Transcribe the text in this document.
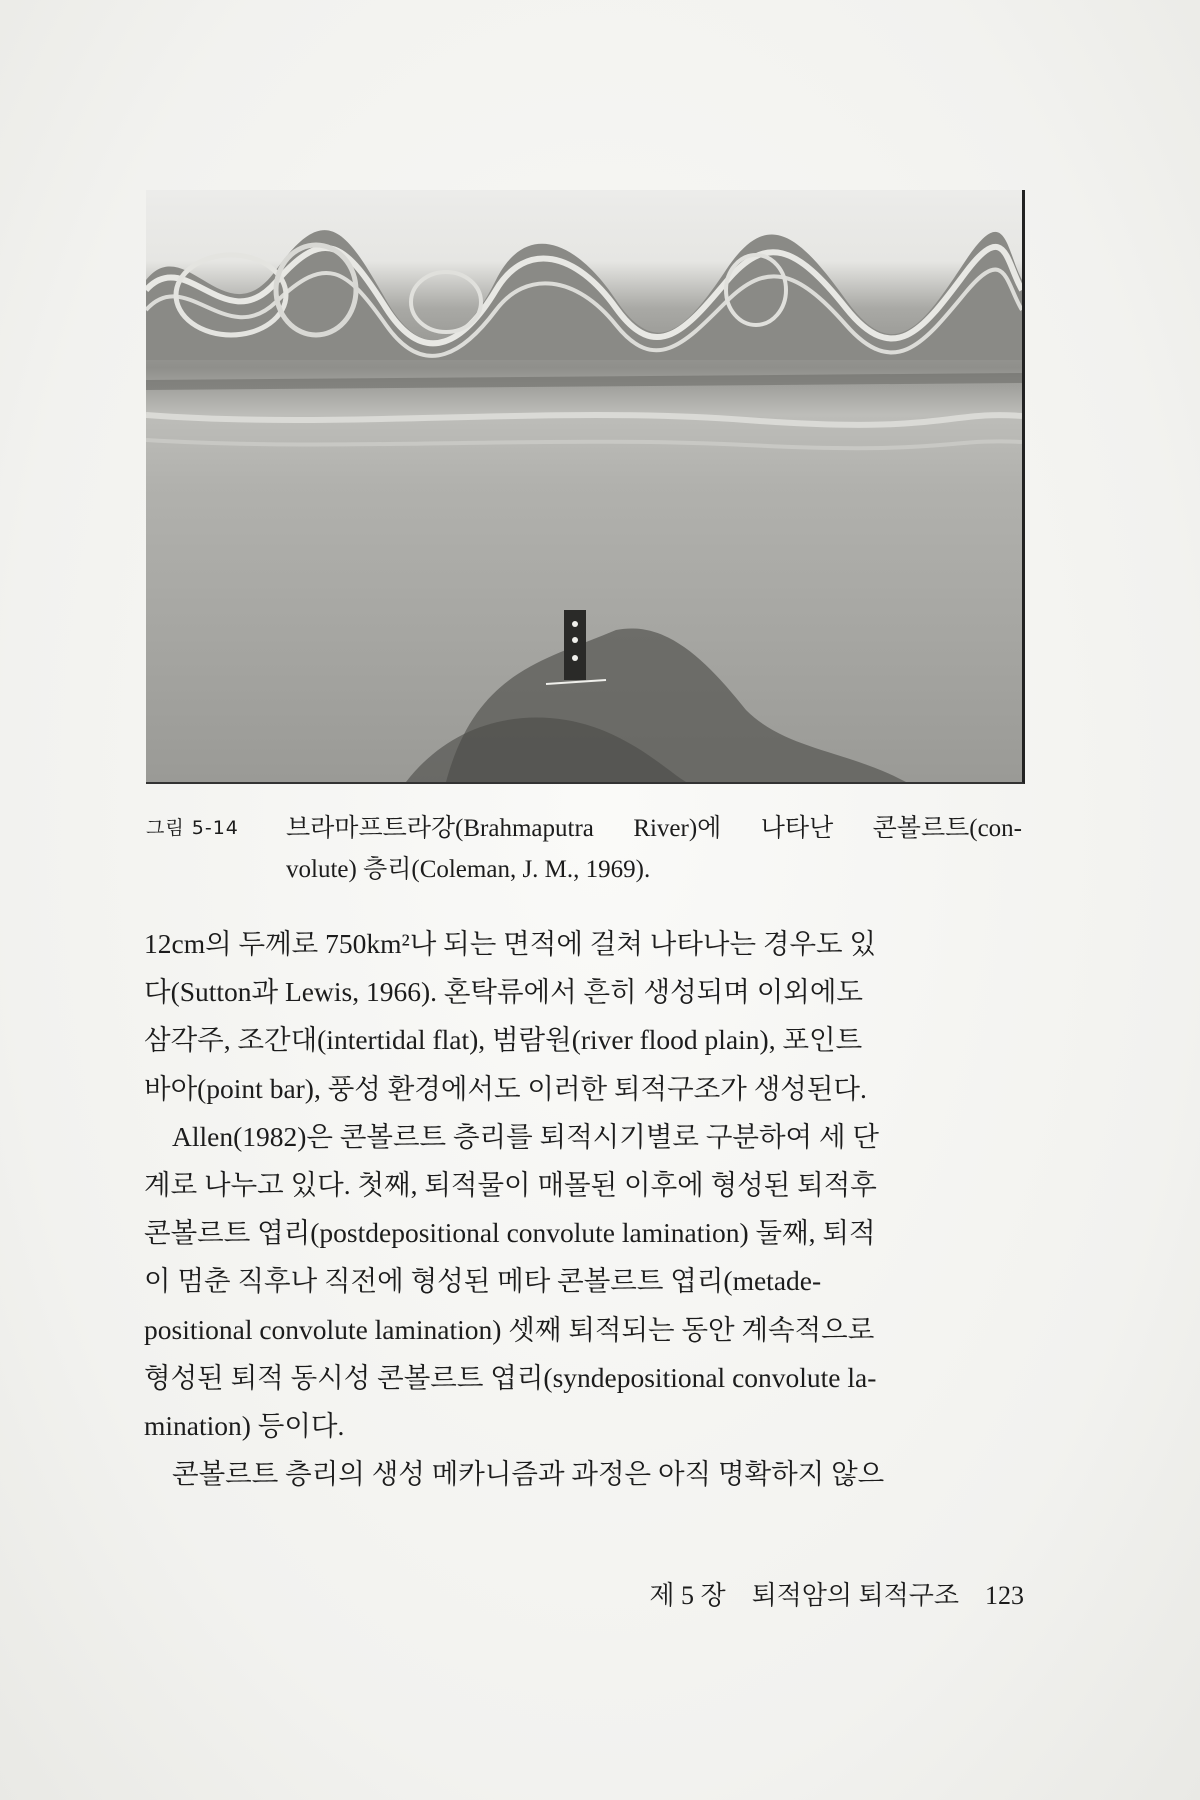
그림 5-14	브라마프트라강(Brahmaputra River)에 나타난 콘볼르트(con-
volute) 층리(Coleman, J. M., 1969).
12cm의 두께로 750km²나 되는 면적에 걸쳐 나타나는 경우도 있
다(Sutton과 Lewis, 1966). 혼탁류에서 흔히 생성되며 이외에도
삼각주, 조간대(intertidal flat), 범람원(river flood plain), 포인트
바아(point bar), 풍성 환경에서도 이러한 퇴적구조가 생성된다.
Allen(1982)은 콘볼르트 층리를 퇴적시기별로 구분하여 세 단
계로 나누고 있다. 첫째, 퇴적물이 매몰된 이후에 형성된 퇴적후
콘볼르트 엽리(postdepositional convolute lamination) 둘째, 퇴적
이 멈춘 직후나 직전에 형성된 메타 콘볼르트 엽리(metade-
positional convolute lamination) 셋째 퇴적되는 동안 계속적으로
형성된 퇴적 동시성 콘볼르트 엽리(syndepositional convolute la-
mination) 등이다.
콘볼르트 층리의 생성 메카니즘과 과정은 아직 명확하지 않으
제 5 장 퇴적암의 퇴적구조 123
